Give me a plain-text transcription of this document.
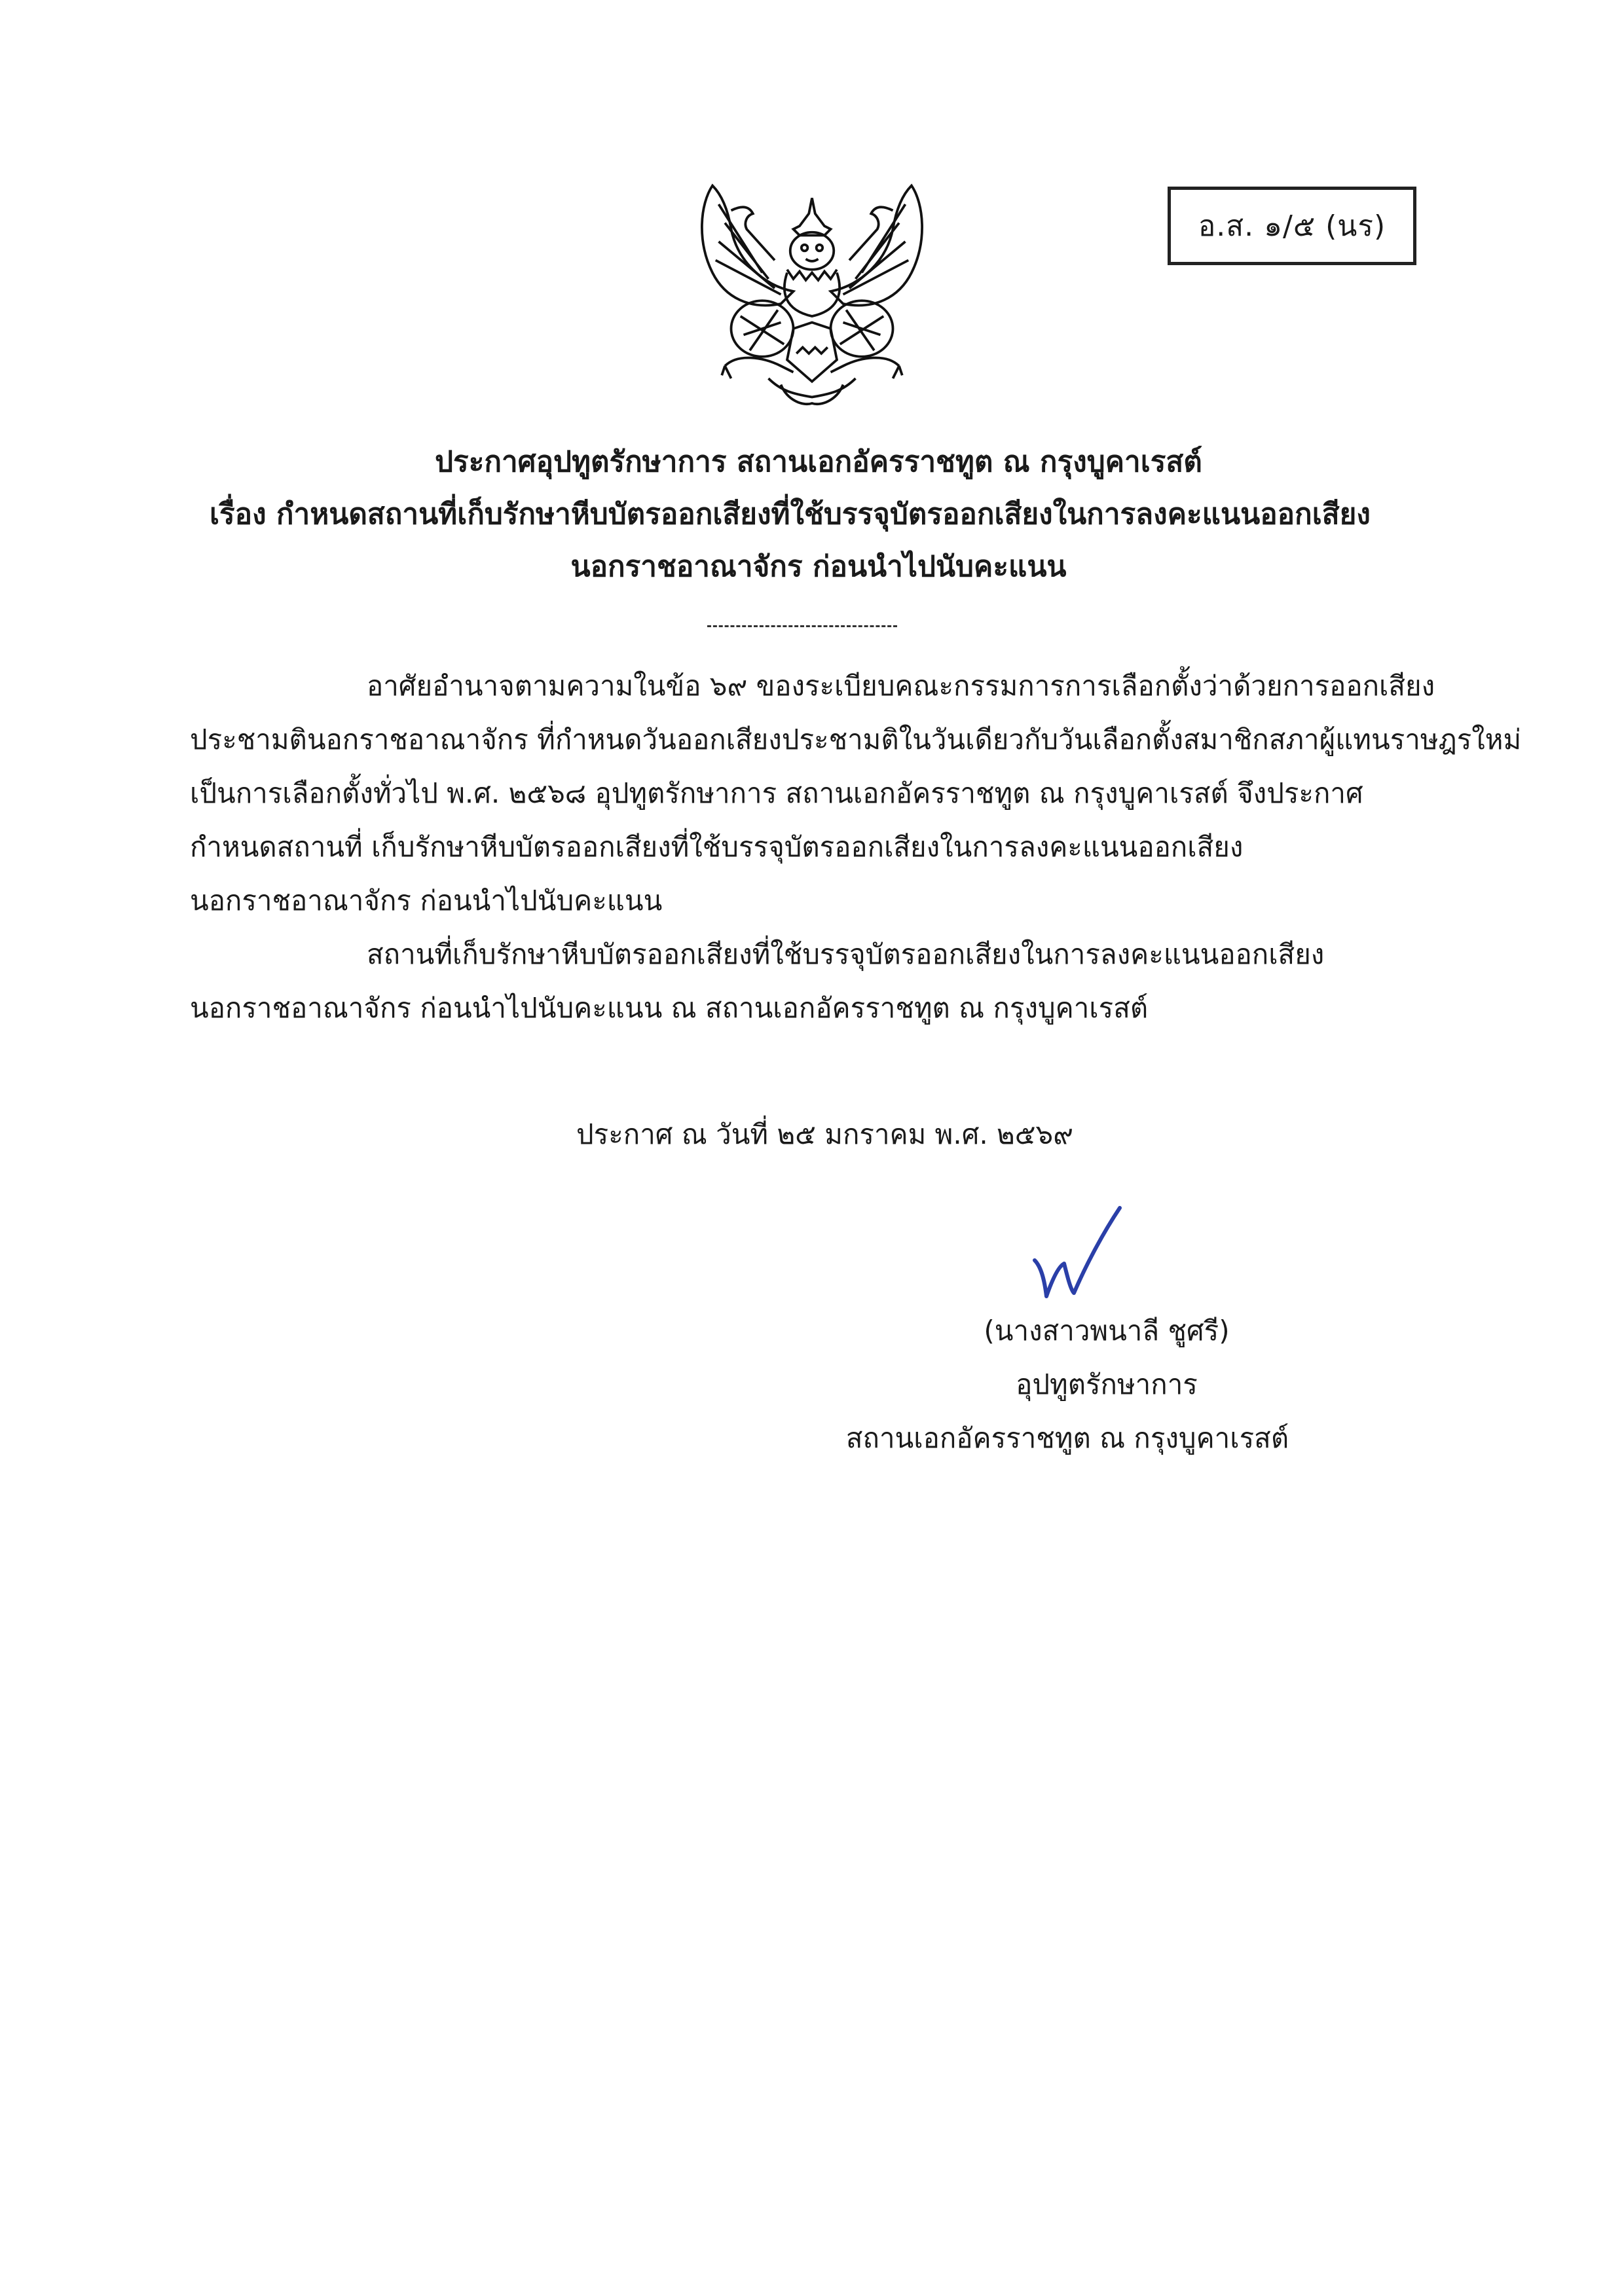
อ.ส. ๑/๕ (นร)
ประกาศอุปทูตรักษาการ สถานเอกอัครราชทูต ณ กรุงบูคาเรสต์
เรื่อง กำหนดสถานที่เก็บรักษาหีบบัตรออกเสียงที่ใช้บรรจุบัตรออกเสียงในการลงคะแนนออกเสียง
นอกราชอาณาจักร ก่อนนำไปนับคะแนน
อาศัยอำนาจตามความในข้อ ๖๙ ของระเบียบคณะกรรมการการเลือกตั้งว่าด้วยการออกเสียง
ประชามตินอกราชอาณาจักร ที่กำหนดวันออกเสียงประชามติในวันเดียวกับวันเลือกตั้งสมาชิกสภาผู้แทนราษฎรใหม่
เป็นการเลือกตั้งทั่วไป พ.ศ. ๒๕๖๘ อุปทูตรักษาการ สถานเอกอัครราชทูต ณ กรุงบูคาเรสต์ จึงประกาศ
กำหนดสถานที่ เก็บรักษาหีบบัตรออกเสียงที่ใช้บรรจุบัตรออกเสียงในการลงคะแนนออกเสียง
นอกราชอาณาจักร ก่อนนำไปนับคะแนน
สถานที่เก็บรักษาหีบบัตรออกเสียงที่ใช้บรรจุบัตรออกเสียงในการลงคะแนนออกเสียง
นอกราชอาณาจักร ก่อนนำไปนับคะแนน ณ สถานเอกอัครราชทูต ณ กรุงบูคาเรสต์
ประกาศ ณ วันที่ ๒๕ มกราคม พ.ศ. ๒๕๖๙
(นางสาวพนาลี ชูศรี)
อุปทูตรักษาการ
สถานเอกอัครราชทูต ณ กรุงบูคาเรสต์
